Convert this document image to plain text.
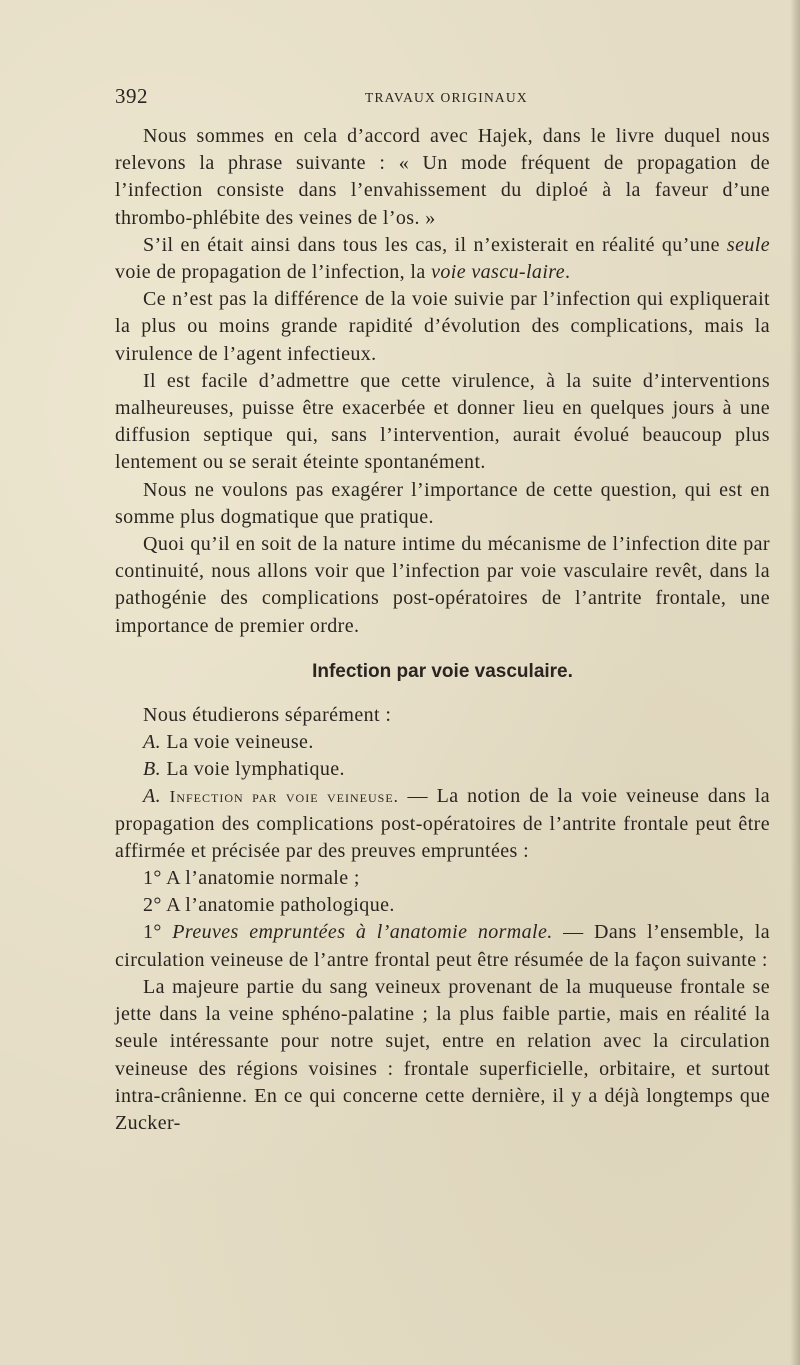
392	TRAVAUX ORIGINAUX

Nous sommes en cela d’accord avec Hajek, dans le livre duquel nous relevons la phrase suivante : « Un mode fréquent de propagation de l’infection consiste dans l’envahissement du diploé à la faveur d’une thrombo-phlébite des veines de l’os. »

S’il en était ainsi dans tous les cas, il n’existerait en réalité qu’une seule voie de propagation de l’infection, la voie vascu-laire.

Ce n’est pas la différence de la voie suivie par l’infection qui expliquerait la plus ou moins grande rapidité d’évolution des complications, mais la virulence de l’agent infectieux.

Il est facile d’admettre que cette virulence, à la suite d’interventions malheureuses, puisse être exacerbée et donner lieu en quelques jours à une diffusion septique qui, sans l’intervention, aurait évolué beaucoup plus lentement ou se serait éteinte spontanément.

Nous ne voulons pas exagérer l’importance de cette question, qui est en somme plus dogmatique que pratique.

Quoi qu’il en soit de la nature intime du mécanisme de l’infection dite par continuité, nous allons voir que l’infection par voie vasculaire revêt, dans la pathogénie des complications post-opératoires de l’antrite frontale, une importance de premier ordre.

Infection par voie vasculaire.

Nous étudierons séparément :

A. La voie veineuse.

B. La voie lymphatique.

A. Infection par voie veineuse. — La notion de la voie veineuse dans la propagation des complications post-opératoires de l’antrite frontale peut être affirmée et précisée par des preuves empruntées :

1° A l’anatomie normale ;

2° A l’anatomie pathologique.

1° Preuves empruntées à l’anatomie normale. — Dans l’ensemble, la circulation veineuse de l’antre frontal peut être résumée de la façon suivante :

La majeure partie du sang veineux provenant de la muqueuse frontale se jette dans la veine sphéno-palatine ; la plus faible partie, mais en réalité la seule intéressante pour notre sujet, entre en relation avec la circulation veineuse des régions voisines : frontale superficielle, orbitaire, et surtout intra-crânienne. En ce qui concerne cette dernière, il y a déjà longtemps que Zucker-
